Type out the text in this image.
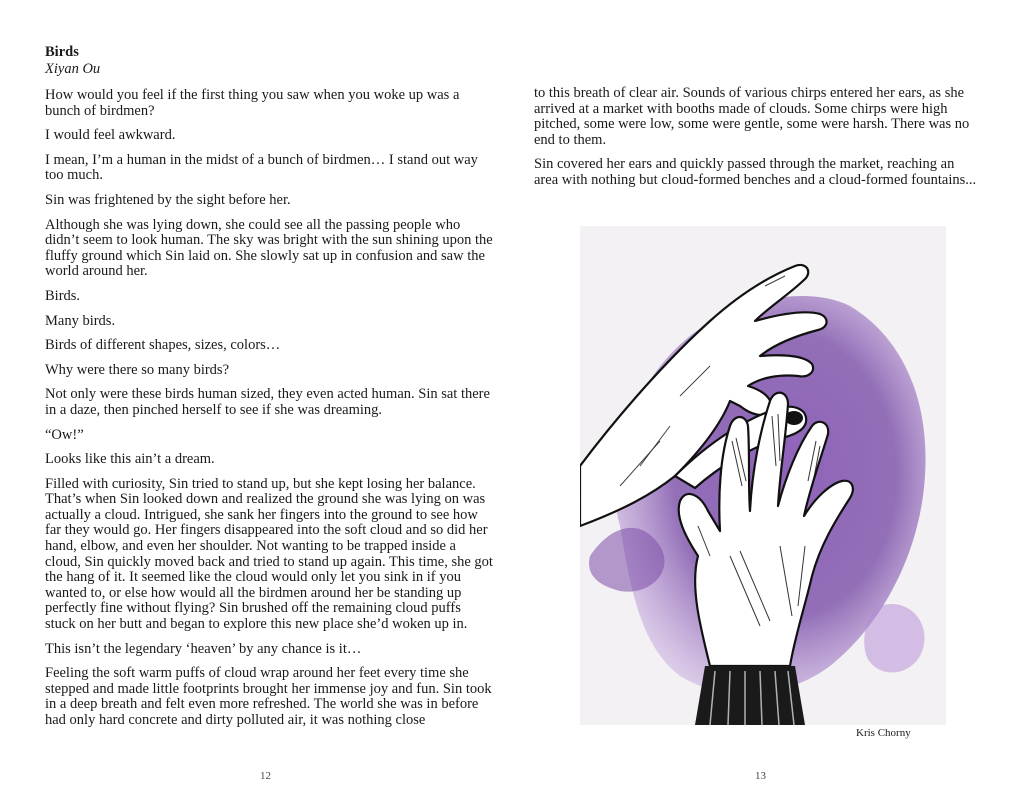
Birds

Xiyan Ou

How would you feel if the first thing you saw when you woke up was a bunch of birdmen?

I would feel awkward.

I mean, I’m a human in the midst of a bunch of birdmen… I stand out way too much.

Sin was frightened by the sight before her.

Although she was lying down, she could see all the passing people who didn’t seem to look human. The sky was bright with the sun shining upon the fluffy ground which Sin laid on. She slowly sat up in confusion and saw the world around her.

Birds.

Many birds.

Birds of different shapes, sizes, colors…

Why were there so many birds?

Not only were these birds human sized, they even acted human. Sin sat there in a daze, then pinched herself to see if she was dreaming.

“Ow!”

Looks like this ain’t a dream.

Filled with curiosity, Sin tried to stand up, but she kept losing her balance. That’s when Sin looked down and realized the ground she was lying on was actually a cloud. Intrigued, she sank her fingers into the ground to see how far they would go. Her fingers disappeared into the soft cloud and so did her hand, elbow, and even her shoulder. Not wanting to be trapped inside a cloud, Sin quickly moved back and tried to stand up again. This time, she got the hang of it. It seemed like the cloud would only let you sink in if you wanted to, or else how would all the birdmen around her be standing up perfectly fine without flying? Sin brushed off the remaining cloud puffs stuck on her butt and began to explore this new place she’d woken up in.

This isn’t the legendary ‘heaven’ by any chance is it…

Feeling the soft warm puffs of cloud wrap around her feet every time she stepped and made little footprints brought her immense joy and fun. Sin took in a deep breath and felt even more refreshed. The world she was in before had only hard concrete and dirty polluted air, it was nothing close

12

to this breath of clear air. Sounds of various chirps entered her ears, as she arrived at a market with booths made of clouds. Some chirps were high pitched, some were low, some were gentle, some were harsh. There was no end to them.

Sin covered her ears and quickly passed through the market, reaching an area with nothing but cloud-formed benches and a cloud-formed fountains...

Kris Chorny
13
